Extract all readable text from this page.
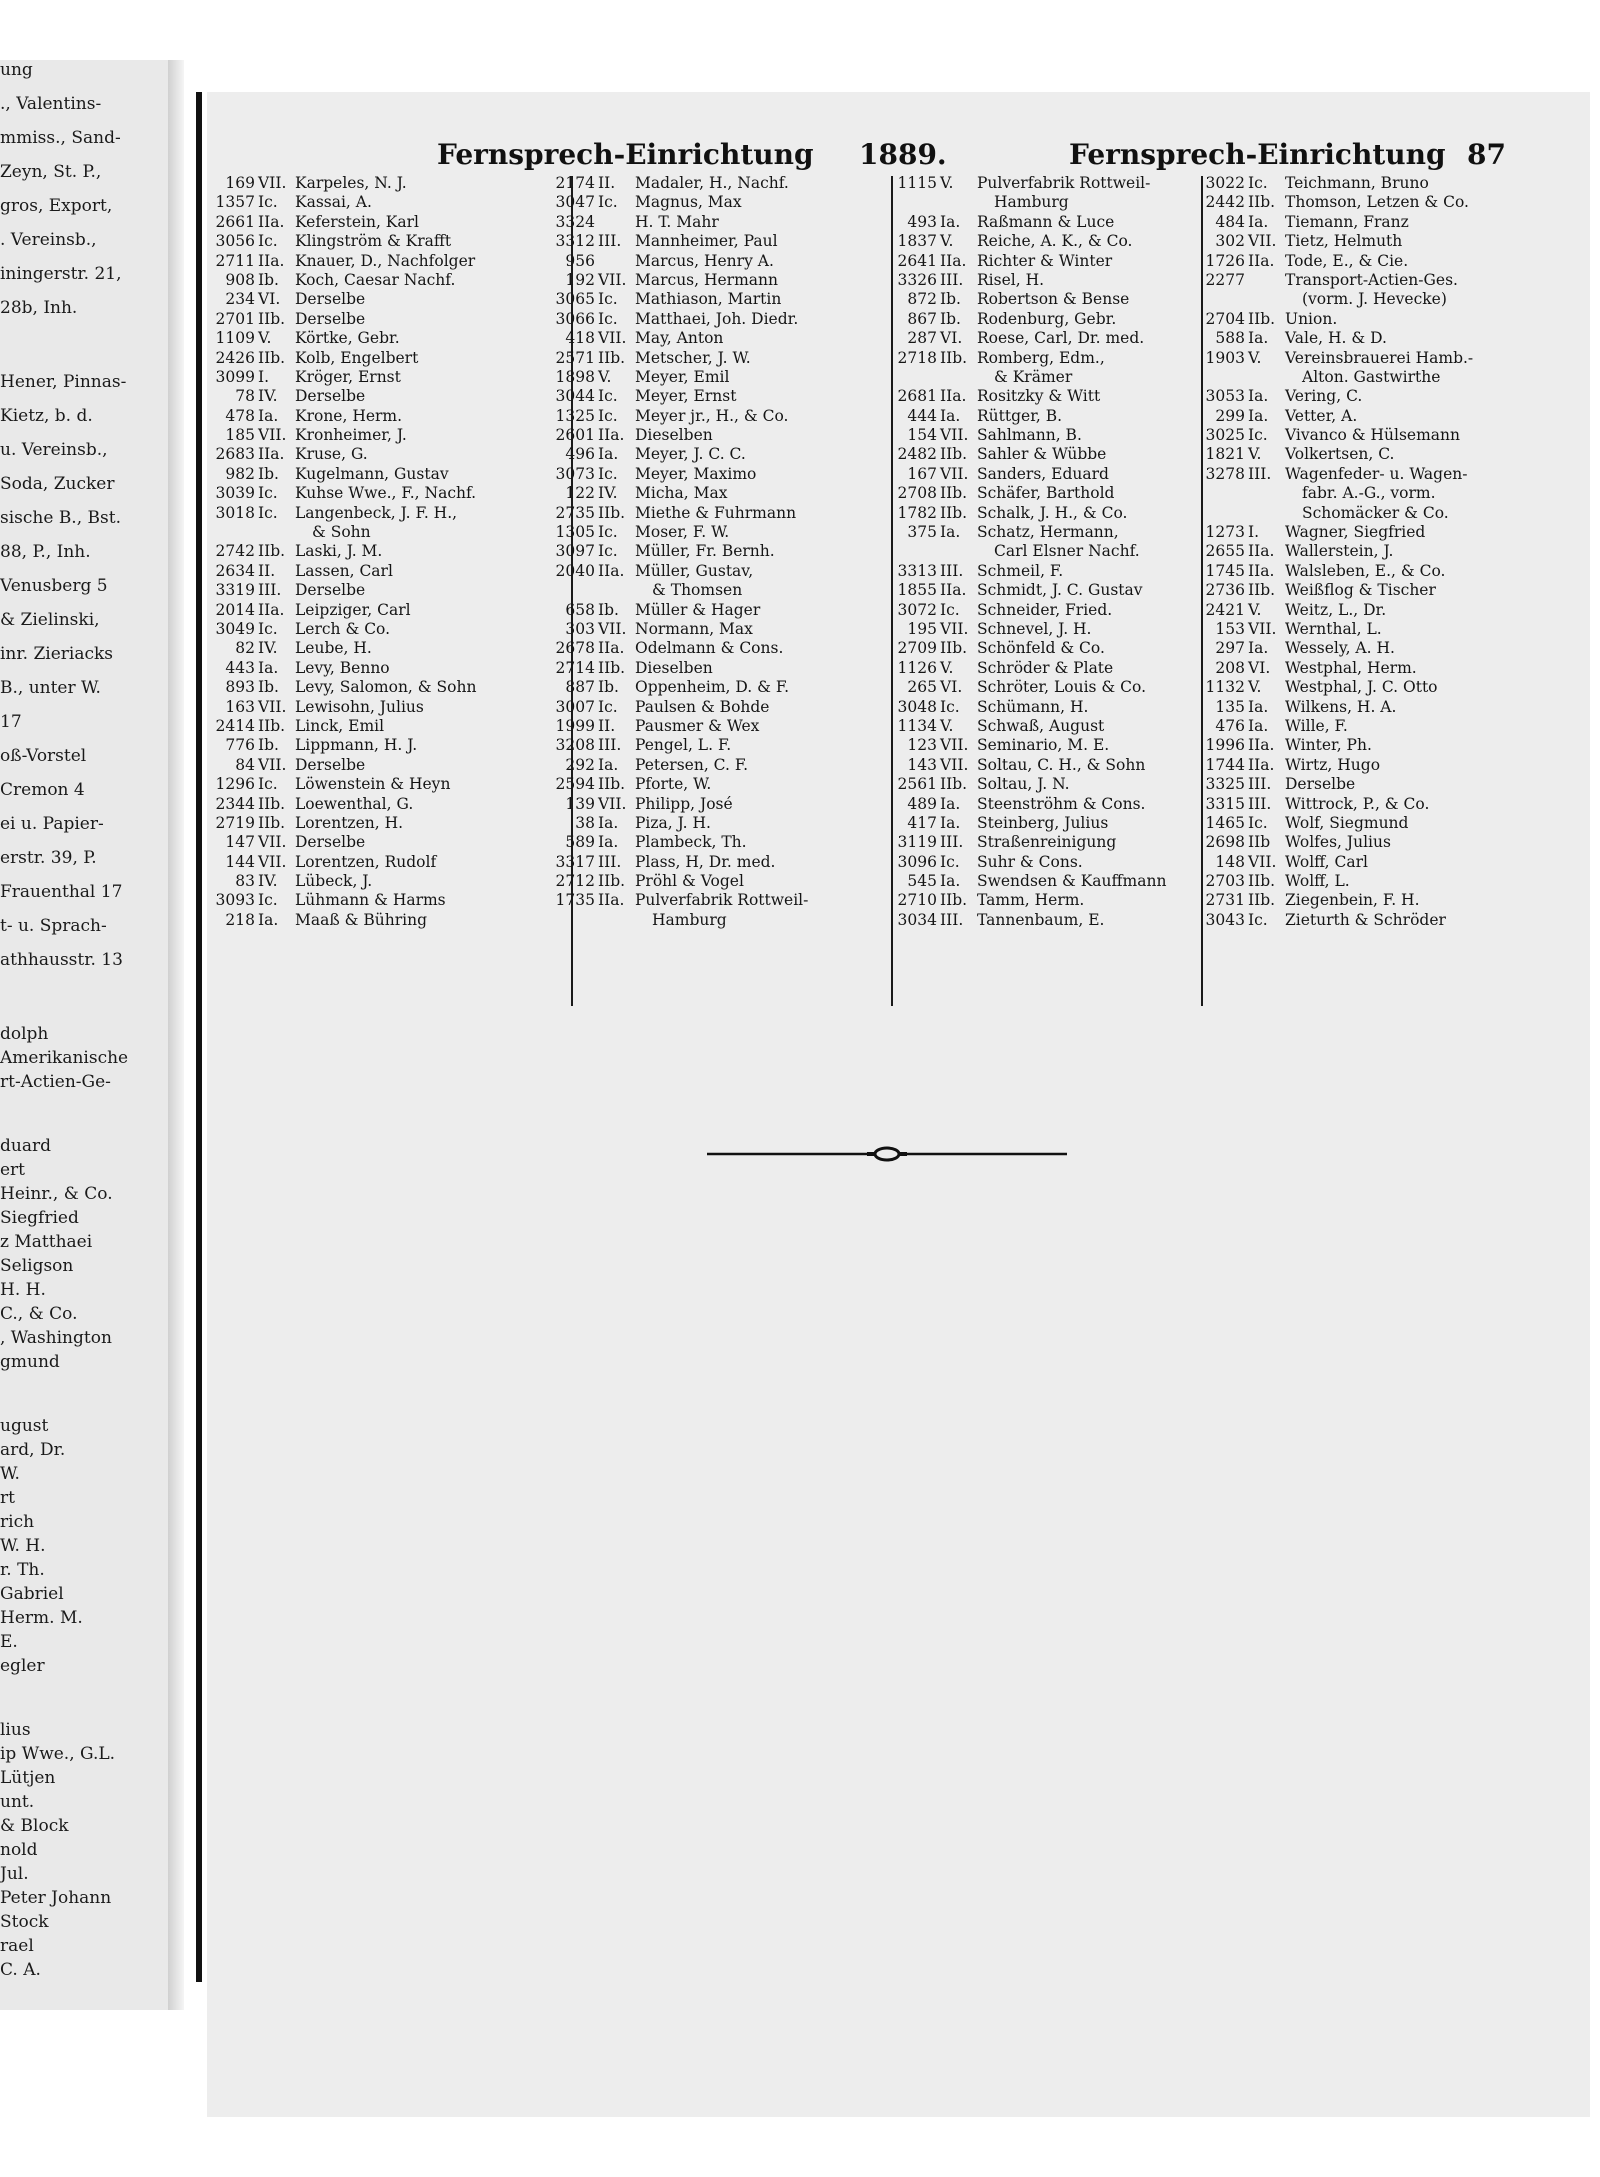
ung
., Valentins-
mmiss., Sand-
Zeyn, St. P.,
gros, Export,
. Vereinsb.,
iningerstr. 21,
28b, Inh.
Hener, Pinnas-
Kietz, b. d.
u. Vereinsb.,
Soda, Zucker
sische B., Bst.
88, P., Inh.
Venusberg 5
& Zielinski,
inr. Zieriacks
B., unter W.
17
oß-Vorstel
Cremon 4
ei u. Papier-
erstr. 39, P.
Frauenthal 17
t- u. Sprach-
athhausstr. 13
dolph
Amerikanische
rt-Actien-Ge-
duard
ert
Heinr., & Co.
Siegfried
z Matthaei
Seligson
H. H.
C., & Co.
, Washington
gmund
ugust
ard, Dr.
W.
rt
rich
W. H.
r. Th.
Gabriel
Herm. M.
E.
egler
lius
ip Wwe., G.L.
Lütjen
unt.
& Block
nold
Jul.
Peter Johann
Stock
rael
C. A.
Fernsprech-Einrichtung 1889.	Fernsprech-Einrichtung 87
169 VII. Karpeles, N. J.
1357 Ic.	Kassai, A.
2661 IIa. Keferstein, Karl
3056 Ic.	Klingström & Krafft
2711 IIa. Knauer, D., Nachfolger
908 Ib.	Koch, Caesar Nachf.
234 VI. Derselbe
2701 IIb. Derselbe
1109 V.	Körtke, Gebr.
2426 IIb. Kolb, Engelbert
3099 I.	Kröger, Ernst
78 IV.	Derselbe
478 Ia.	Krone, Herm.
185 VII. Kronheimer, J.
2683 IIa. Kruse, G.
982 Ib.	Kugelmann, Gustav
3039 Ic.	Kuhse Wwe., F., Nachf.
3018 Ic.	Langenbeck, J. F. H.,
& Sohn
2742 IIb. Laski, J. M.
2634 II.	Lassen, Carl
3319 III. Derselbe
2014 IIa. Leipziger, Carl
3049 Ic.	Lerch & Co.
82 IV.	Leube, H.
443 Ia.	Levy, Benno
893 Ib.	Levy, Salomon, & Sohn
163 VII. Lewisohn, Julius
2414 IIb. Linck, Emil
776 Ib.	Lippmann, H. J.
84 VII. Derselbe
1296 Ic.	Löwenstein & Heyn
2344 IIb. Loewenthal, G.
2719 IIb. Lorentzen, H.
147 VII. Derselbe
144 VII. Lorentzen, Rudolf
83 IV.	Lübeck, J.
3093 Ic.	Lühmann & Harms
218 Ia.	Maaß & Bühring
2174 II.	Madaler, H., Nachf.
3047 Ic.	Magnus, Max
3324	H. T. Mahr
3312 III. Mannheimer, Paul
956	Marcus, Henry A.
192 VII. Marcus, Hermann
3065 Ic.	Mathiason, Martin
3066 Ic.	Matthaei, Joh. Diedr.
418 VII. May, Anton
2571 IIb. Metscher, J. W.
1898 V.	Meyer, Emil
3044 Ic.	Meyer, Ernst
1325 Ic.	Meyer jr., H., & Co.
2601 IIa. Dieselben
496 Ia.	Meyer, J. C. C.
3073 Ic.	Meyer, Maximo
122 IV.	Micha, Max
2735 IIb. Miethe & Fuhrmann
1305 Ic.	Moser, F. W.
3097 Ic.	Müller, Fr. Bernh.
2040 IIa. Müller, Gustav,
& Thomsen
658 Ib.	Müller & Hager
303 VII. Normann, Max
2678 IIa. Odelmann & Cons.
2714 IIb. Dieselben
887 Ib.	Oppenheim, D. & F.
3007 Ic.	Paulsen & Bohde
1999 II.	Pausmer & Wex
3208 III. Pengel, L. F.
292 Ia.	Petersen, C. F.
2594 IIb. Pforte, W.
139 VII. Philipp, José
38 Ia.	Piza, J. H.
589 Ia.	Plambeck, Th.
3317 III. Plass, H, Dr. med.
2712 IIb. Pröhl & Vogel
1735 IIa. Pulverfabrik Rottweil-
Hamburg
1115 V.	Pulverfabrik Rottweil-
Hamburg
493 Ia.	Raßmann & Luce
1837 V.	Reiche, A. K., & Co.
2641 IIa. Richter & Winter
3326 III. Risel, H.
872 Ib.	Robertson & Bense
867 Ib.	Rodenburg, Gebr.
287 VI. Roese, Carl, Dr. med.
2718 IIb. Romberg, Edm.,
& Krämer
2681 IIa. Rositzky & Witt
444 Ia.	Rüttger, B.
154 VII. Sahlmann, B.
2482 IIb. Sahler & Wübbe
167 VII. Sanders, Eduard
2708 IIb. Schäfer, Barthold
1782 IIb. Schalk, J. H., & Co.
375 Ia.	Schatz, Hermann,
Carl Elsner Nachf.
3313 III. Schmeil, F.
1855 IIa. Schmidt, J. C. Gustav
3072 Ic.	Schneider, Fried.
195 VII. Schnevel, J. H.
2709 IIb. Schönfeld & Co.
1126 V.	Schröder & Plate
265 VI. Schröter, Louis & Co.
3048 Ic.	Schümann, H.
1134 V.	Schwaß, August
123 VII. Seminario, M. E.
143 VII. Soltau, C. H., & Sohn
2561 IIb. Soltau, J. N.
489 Ia.	Steenströhm & Cons.
417 Ia.	Steinberg, Julius
3119 III. Straßenreinigung
3096 Ic.	Suhr & Cons.
545 Ia.	Swendsen & Kauffmann
2710 IIb. Tamm, Herm.
3034 III. Tannenbaum, E.
3022 Ic.	Teichmann, Bruno
2442 IIb. Thomson, Letzen & Co.
484 Ia.	Tiemann, Franz
302 VII. Tietz, Helmuth
1726 IIa. Tode, E., & Cie.
2277	Transport-Actien-Ges.
(vorm. J. Hevecke)
2704 IIb. Union.
588 Ia.	Vale, H. & D.
1903 V.	Vereinsbrauerei Hamb.-
Alton. Gastwirthe
3053 Ia.	Vering, C.
299 Ia.	Vetter, A.
3025 Ic.	Vivanco & Hülsemann
1821 V.	Volkertsen, C.
3278 III. Wagenfeder- u. Wagen-
fabr. A.-G., vorm.
Schomäcker & Co.
1273 I.	Wagner, Siegfried
2655 IIa. Wallerstein, J.
1745 IIa. Walsleben, E., & Co.
2736 IIb. Weißflog & Tischer
2421 V.	Weitz, L., Dr.
153 VII. Wernthal, L.
297 Ia.	Wessely, A. H.
208 VI. Westphal, Herm.
1132 V.	Westphal, J. C. Otto
135 Ia.	Wilkens, H. A.
476 Ia.	Wille, F.
1996 IIa. Winter, Ph.
1744 IIa. Wirtz, Hugo
3325 III. Derselbe
3315 III. Wittrock, P., & Co.
1465 Ic.	Wolf, Siegmund
2698 IIb Wolfes, Julius
148 VII. Wolff, Carl
2703 IIb. Wolff, L.
2731 IIb. Ziegenbein, F. H.
3043 Ic.	Zieturth & Schröder
